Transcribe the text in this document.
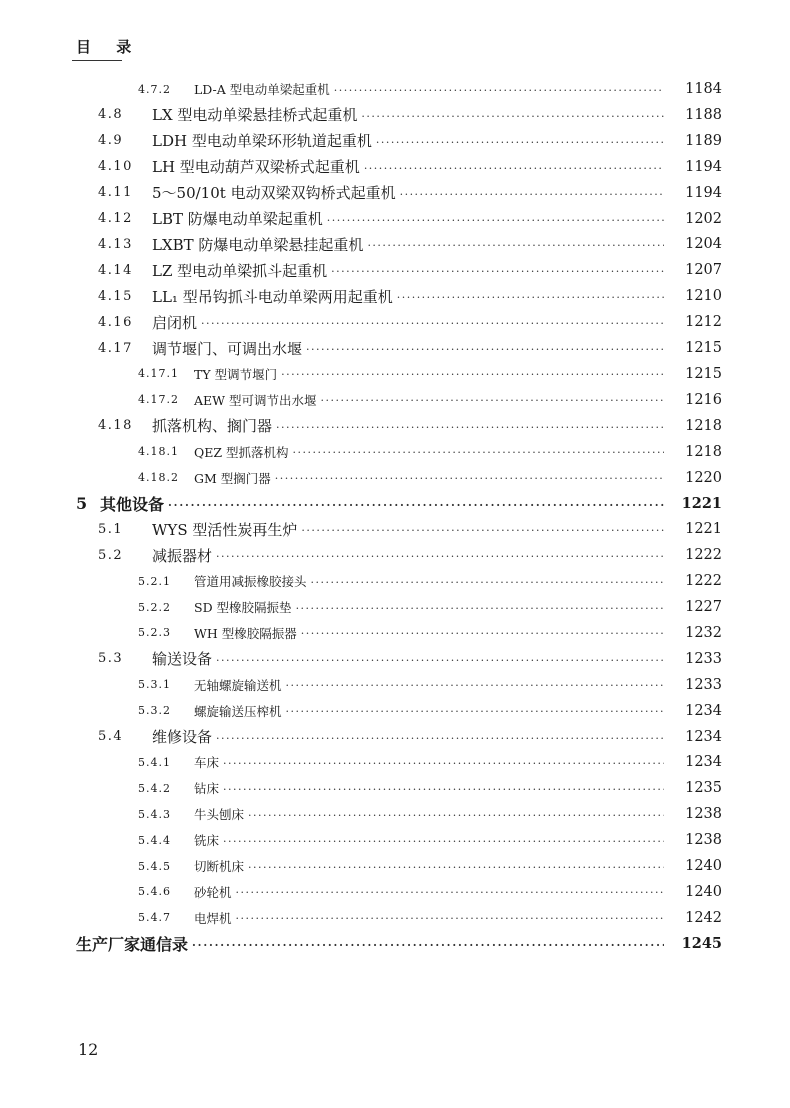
目 录
4.7.2	LD-A 型电动单梁起重机 · · ·	1184
4.8	LX 型电动单梁悬挂桥式起重机 · · ·	1188
4.9	LDH 型电动单梁环形轨道起重机 · · ·	1189
4.10	LH 型电动葫芦双梁桥式起重机 · · ·	1194
4.11	5～50/10t 电动双梁双钩桥式起重机 · · ·	1194
4.12	LBT 防爆电动单梁起重机 · · ·	1202
4.13	LXBT 防爆电动单梁悬挂起重机 · · ·	1204
4.14	LZ 型电动单梁抓斗起重机 · · ·	1207
4.15	LL₁ 型吊钩抓斗电动单梁两用起重机 · · ·	1210
4.16	启闭机 · · ·	1212
4.17	调节堰门、可调出水堰 · · ·	1215
4.17.1	TY 型调节堰门 · · ·	1215
4.17.2	AEW 型可调节出水堰 · · ·	1216
4.18	抓落机构、搁门器 · · ·	1218
4.18.1	QEZ 型抓落机构 · · ·	1218
4.18.2	GM 型搁门器 · · ·	1220
5 其他设备 · · ·	1221
5.1	WYS 型活性炭再生炉 · · ·	1221
5.2	减振器材 · · ·	1222
5.2.1	管道用减振橡胶接头 · · ·	1222
5.2.2	SD 型橡胶隔振垫 · · ·	1227
5.2.3	WH 型橡胶隔振器 · · ·	1232
5.3	输送设备 · · ·	1233
5.3.1	无轴螺旋输送机 · · ·	1233
5.3.2	螺旋输送压榨机 · · ·	1234
5.4	维修设备 · · ·	1234
5.4.1	车床 · · ·	1234
5.4.2	钻床 · · ·	1235
5.4.3	牛头刨床 · · ·	1238
5.4.4	铣床 · · ·	1238
5.4.5	切断机床 · · ·	1240
5.4.6	砂轮机 · · ·	1240
5.4.7	电焊机 · · ·	1242
生产厂家通信录 · · ·	1245
12
